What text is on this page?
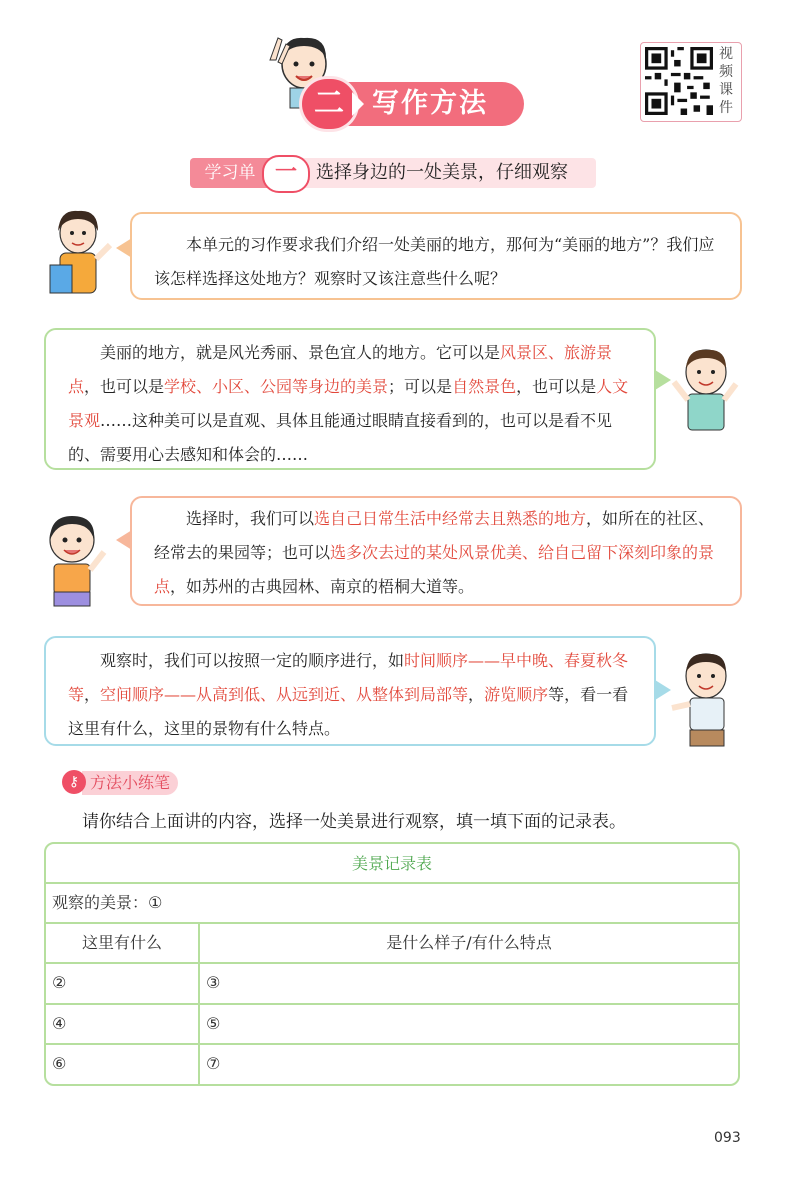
二	写作方法
视频课件
学习单 一	选择身边的一处美景，仔细观察

本单元的习作要求我们介绍一处美丽的地方，那何为“美丽的地方”？我们应该怎样选择这处地方？观察时又该注意些什么呢？

美丽的地方，就是风光秀丽、景色宜人的地方。它可以是风景区、旅游景点，也可以是学校、小区、公园等身边的美景；可以是自然景色，也可以是人文景观……这种美可以是直观、具体且能通过眼睛直接看到的，也可以是看不见的、需要用心去感知和体会的……

选择时，我们可以选自己日常生活中经常去且熟悉的地方，如所在的社区、经常去的果园等；也可以选多次去过的某处风景优美、给自己留下深刻印象的景点，如苏州的古典园林、南京的梧桐大道等。

观察时，我们可以按照一定的顺序进行，如时间顺序——早中晚、春夏秋冬等，空间顺序——从高到低、从远到近、从整体到局部等，游览顺序等，看一看这里有什么，这里的景物有什么特点。

方法小练笔
⚷
请你结合上面讲的内容，选择一处美景进行观察，填一填下面的记录表。
美景记录表
观察的美景：①
这里有什么	是什么样子/有什么特点
②	③
④	⑤
⑥	⑦
093
